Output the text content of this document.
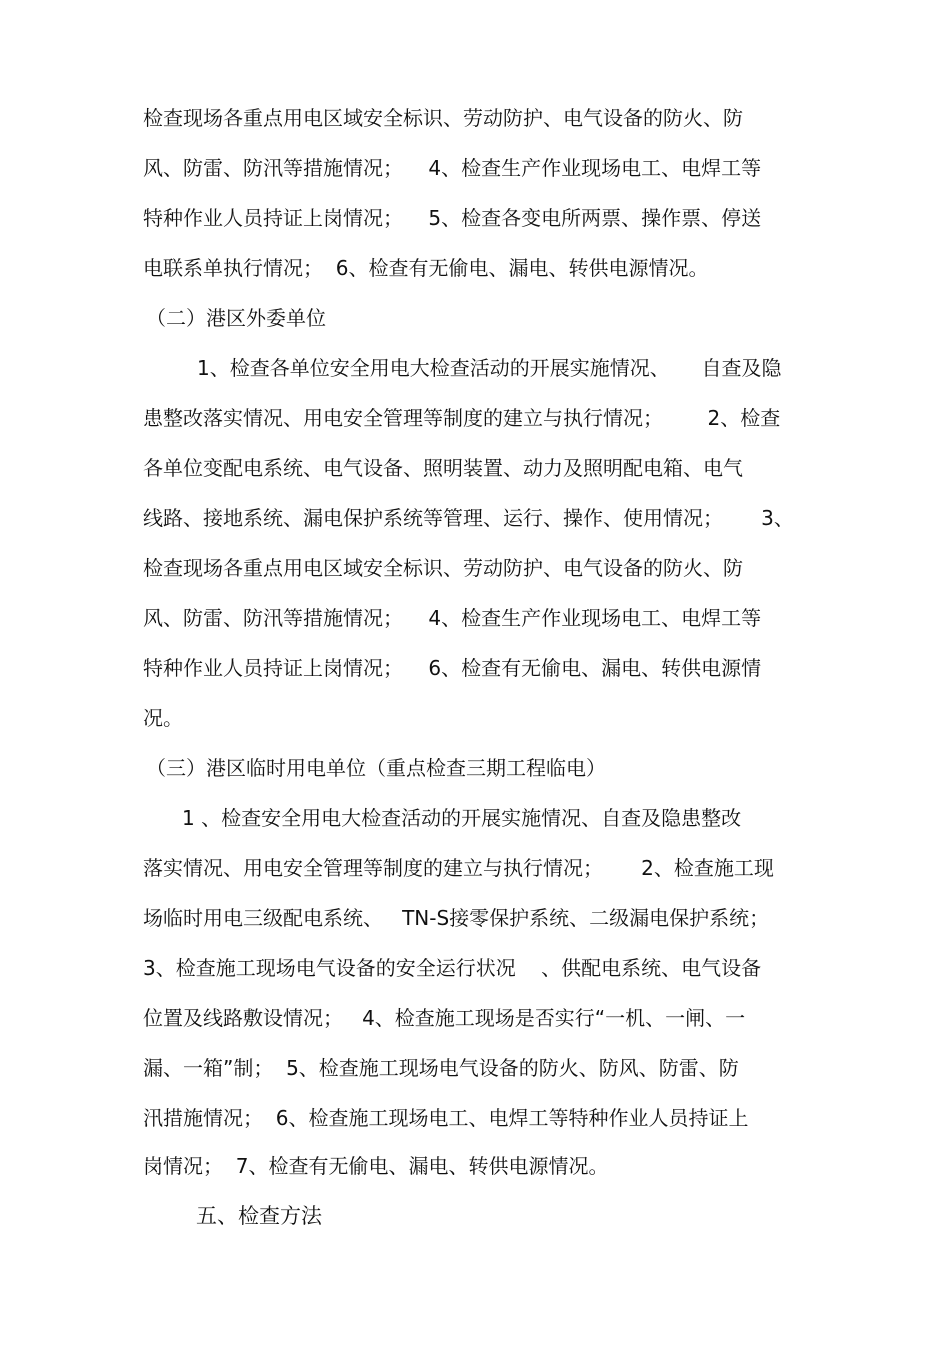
检查现场各重点用电区域安全标识、劳动防护、电气设备的防火、防
风、防雷、防汛等措施情况；    4、检查生产作业现场电工、电焊工等
特种作业人员持证上岗情况；    5、检查各变电所两票、操作票、停送
电联系单执行情况；  6、检查有无偷电、漏电、转供电源情况。
（二）港区外委单位
1、检查各单位安全用电大检查活动的开展实施情况、     自查及隐
患整改落实情况、用电安全管理等制度的建立与执行情况；       2、检查
各单位变配电系统、电气设备、照明装置、动力及照明配电箱、电气
线路、接地系统、漏电保护系统等管理、运行、操作、使用情况；      3、
检查现场各重点用电区域安全标识、劳动防护、电气设备的防火、防
风、防雷、防汛等措施情况；    4、检查生产作业现场电工、电焊工等
特种作业人员持证上岗情况；    6、检查有无偷电、漏电、转供电源情
况。
（三）港区临时用电单位（重点检查三期工程临电）
1 、检查安全用电大检查活动的开展实施情况、自查及隐患整改
落实情况、用电安全管理等制度的建立与执行情况；      2、检查施工现
场临时用电三级配电系统、   TN-S接零保护系统、二级漏电保护系统；
3、检查施工现场电气设备的安全运行状况    、供配电系统、电气设备
位置及线路敷设情况；   4、检查施工现场是否实行“一机、一闸、一
漏、一箱”制；  5、检查施工现场电气设备的防火、防风、防雷、防
汛措施情况；  6、检查施工现场电工、电焊工等特种作业人员持证上
岗情况；  7、检查有无偷电、漏电、转供电源情况。
五、检查方法
